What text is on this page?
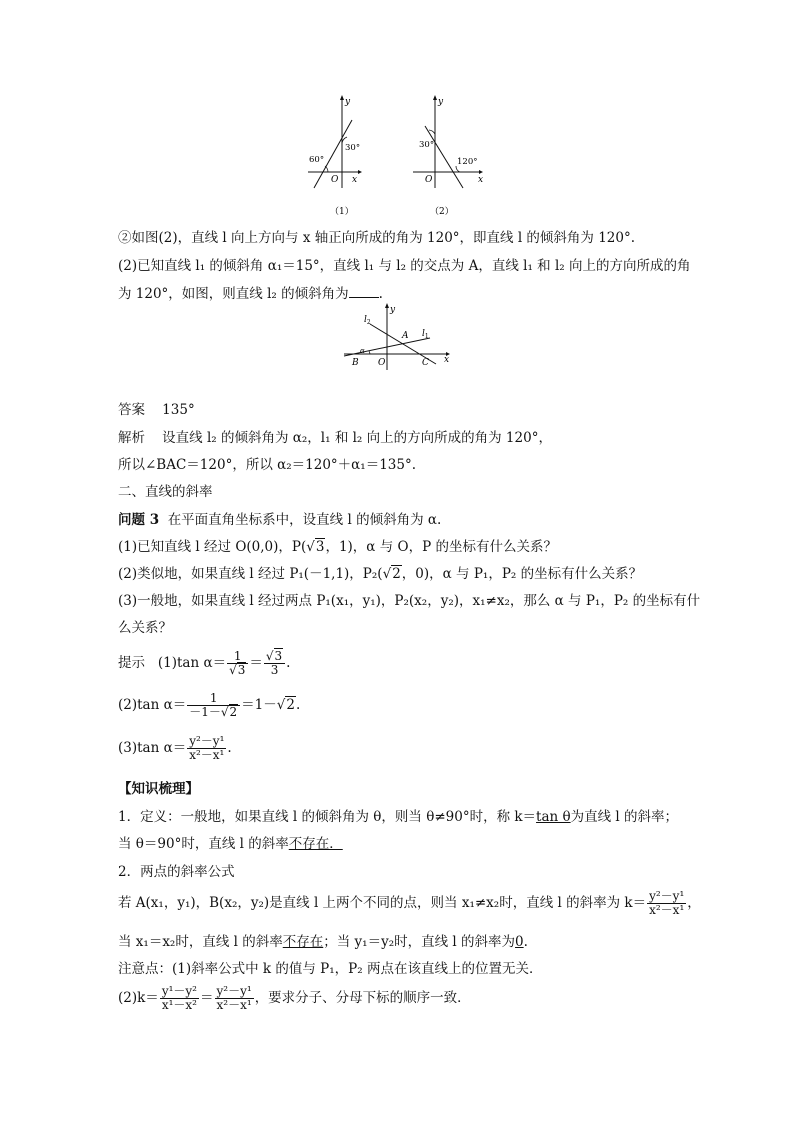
y
x
O
60°
30°
（1）
y
x
O
30°
120°
（2）
②如图(2)，直线 l 向上方向与 x 轴正向所成的角为 120°，即直线 l 的倾斜角为 120°.
(2)已知直线 l₁ 的倾斜角 α₁＝15°，直线 l₁ 与 l₂ 的交点为 A，直线 l₁ 和 l₂ 向上的方向所成的角
为 120°，如图，则直线 l₂ 的倾斜角为 .
y
x
O
$l_2$
$l_1$
A
B	C
α
答案 135°
解析 设直线 l₂ 的倾斜角为 α₂，l₁ 和 l₂ 向上的方向所成的角为 120°，
所以∠BAC＝120°，所以 α₂＝120°＋α₁＝135°.
二、直线的斜率
问题 3 在平面直角坐标系中，设直线 l 的倾斜角为 α.
(1)已知直线 l 经过 O(0,0)，P(√3，1)，α 与 O，P 的坐标有什么关系？
(2)类似地，如果直线 l 经过 P₁(－1,1)，P₂(√2，0)，α 与 P₁，P₂ 的坐标有什么关系？
(3)一般地，如果直线 l 经过两点 P₁(x₁，y₁)，P₂(x₂，y₂)，x₁≠x₂，那么 α 与 P₁，P₂ 的坐标有什
么关系？
提示 (1)tan $\alpha= \frac{1}{√3} = \frac{√3}{3}$ .
(2)tan $\alpha= \frac{1}{-1-√2} =1-√2$.
(3)tan $\alpha= \frac{\text{y²－y¹}}{\text{x²－x¹}}$ .
【知识梳理】
1．定义：一般地，如果直线 l 的倾斜角为 θ，则当 θ≠90°时，称 k＝tan θ为直线 l 的斜率；
当 θ＝90°时，直线 l 的斜率不存在．
2．两点的斜率公式
若 A(x₁，y₁)，B(x₂，y₂)是直线 l 上两个不同的点，则当 x₁≠x₂时，直线 l 的斜率为 $k= \frac{\text{y²－y¹}}{\text{x²－x¹}}$ ，
当 x₁＝x₂时，直线 l 的斜率不存在；当 y₁＝y₂时，直线 l 的斜率为0.
注意点：(1)斜率公式中 k 的值与 P₁，P₂ 两点在该直线上的位置无关．
$(2)k= \frac{\text{y¹－y²}}{\text{x¹－x²}} = \frac{\text{y²－y¹}}{\text{x²－x¹}}$ ，要求分子、分母下标的顺序一致．
